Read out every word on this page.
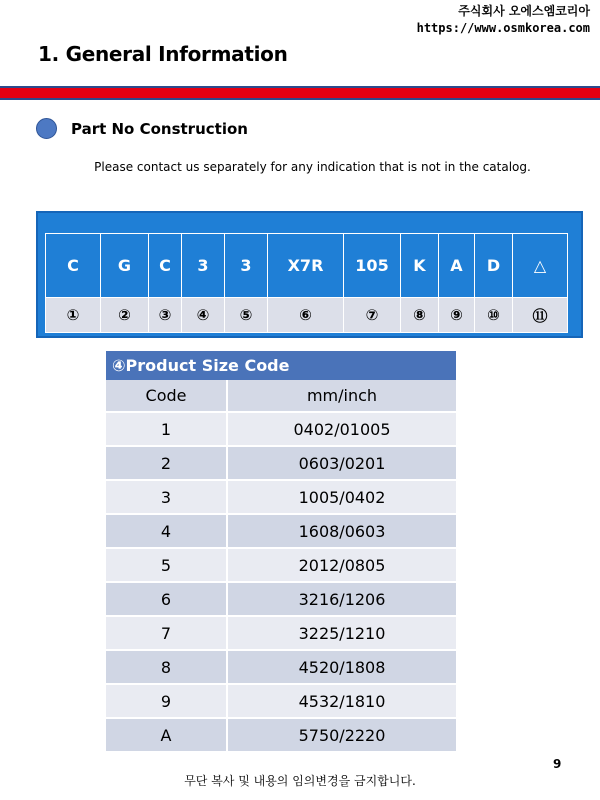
주식회사 오에스엠코리아
https://www.osmkorea.com
1. General Information
Part No Construction
Please contact us separately for any indication that is not in the catalog.
C	G	C	3	3	X7R	105	K	A	D	△
①	②	③	④	⑤	⑥	⑦	⑧	⑨	⑩	⑪
④Product Size Code	
Code	mm/inch
1	0402/01005
2	0603/0201
3	1005/0402
4	1608/0603
5	2012/0805
6	3216/1206
7	3225/1210
8	4520/1808
9	4532/1810
A	5750/2220
9
무단 복사 및 내용의 임의변경을 금지합니다.
